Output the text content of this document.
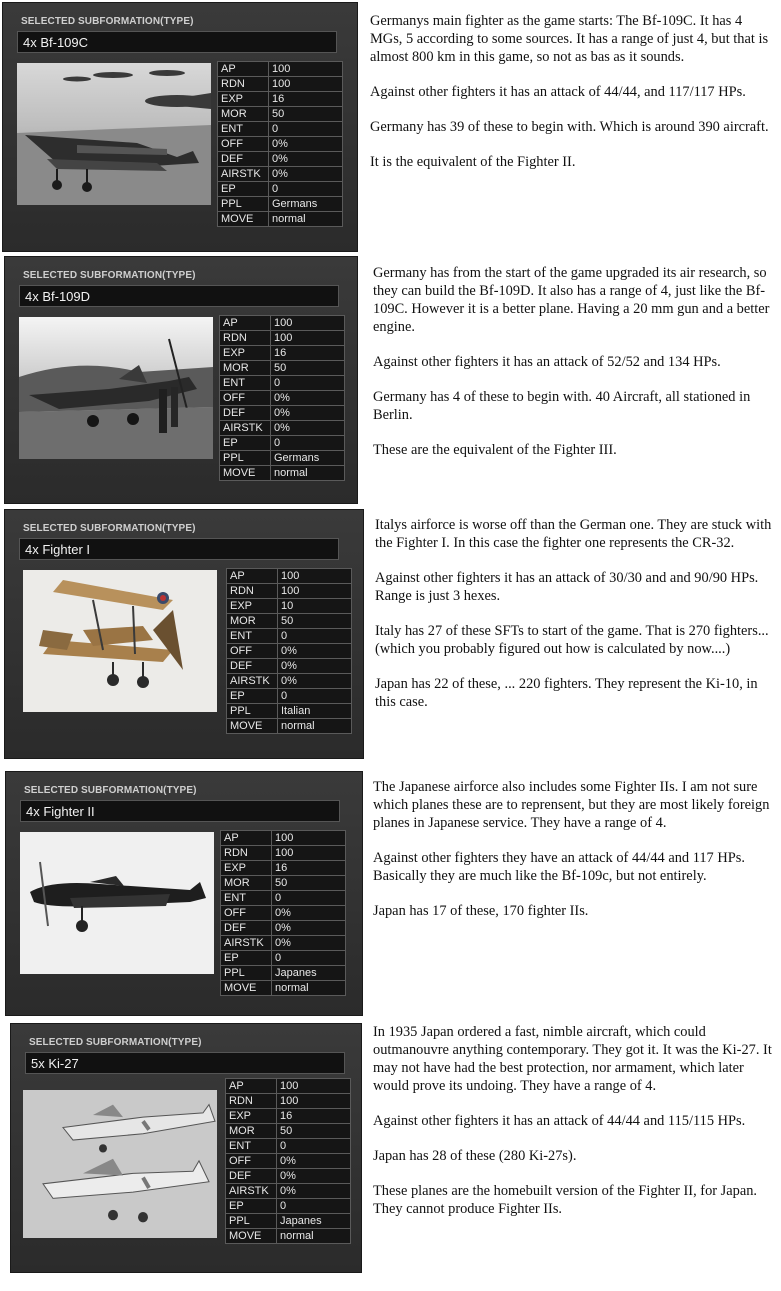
SELECTED SUBFORMATION(TYPE)
4x Bf-109C
AP	100
RDN	100
EXP	16
MOR	50
ENT	0
OFF	0%
DEF	0%
AIRSTK	0%
EP	0
PPL	Germans
MOVE	normal

Germanys main fighter as the game starts: The Bf-109C. It has 4 MGs, 5 according to some sources. It has a range of just 4, but that is almost 800 km in this game, so not as bas as it sounds.

Against other fighters it has an attack of 44/44, and 117/117 HPs.

Germany has 39 of these to begin with. Which is around 390 aircraft.

It is the equivalent of the Fighter II.

SELECTED SUBFORMATION(TYPE)
4x Bf-109D
AP	100
RDN	100
EXP	16
MOR	50
ENT	0
OFF	0%
DEF	0%
AIRSTK	0%
EP	0
PPL	Germans
MOVE	normal

Germany has from the start of the game upgraded its air research, so they can build the Bf-109D. It also has a range of 4, just like the Bf-109C. However it is a better plane. Having a 20 mm gun and a better engine.

Against other fighters it has an attack of 52/52 and 134 HPs.

Germany has 4 of these to begin with. 40 Aircraft, all stationed in Berlin.

These are the equivalent of the Fighter III.

SELECTED SUBFORMATION(TYPE)
4x Fighter I
AP	100
RDN	100
EXP	10
MOR	50
ENT	0
OFF	0%
DEF	0%
AIRSTK	0%
EP	0
PPL	Italian
MOVE	normal

Italys airforce is worse off than the German one. They are stuck with the Fighter I. In this case the fighter one represents the CR-32.

Against other fighters it has an attack of 30/30 and and 90/90 HPs. Range is just 3 hexes.

Italy has 27 of these SFTs to start of the game. That is 270 fighters... (which you probably figured out how is calculated by now....)

Japan has 22 of these, ... 220 fighters. They represent the Ki-10, in this case.

SELECTED SUBFORMATION(TYPE)
4x Fighter II
AP	100
RDN	100
EXP	16
MOR	50
ENT	0
OFF	0%
DEF	0%
AIRSTK	0%
EP	0
PPL	Japanes
MOVE	normal

The Japanese airforce also includes some Fighter IIs. I am not sure which planes these are to reprensent, but they are most likely foreign planes in Japanese service. They have a range of 4.

Against other fighters they have an attack of 44/44 and 117 HPs. Basically they are much like the Bf-109c, but not entirely.

Japan has 17 of these, 170 fighter IIs.

SELECTED SUBFORMATION(TYPE)
5x Ki-27
AP	100
RDN	100
EXP	16
MOR	50
ENT	0
OFF	0%
DEF	0%
AIRSTK	0%
EP	0
PPL	Japanes
MOVE	normal

In 1935 Japan ordered a fast, nimble aircraft, which could outmanouvre anything contemporary. They got it. It was the Ki-27. It may not have had the best protection, nor armament, which later would prove its undoing. They have a range of 4.

Against other fighters it has an attack of 44/44 and 115/115 HPs.

Japan has 28 of these (280 Ki-27s).

These planes are the homebuilt version of the Fighter II, for Japan. They cannot produce Fighter IIs.
